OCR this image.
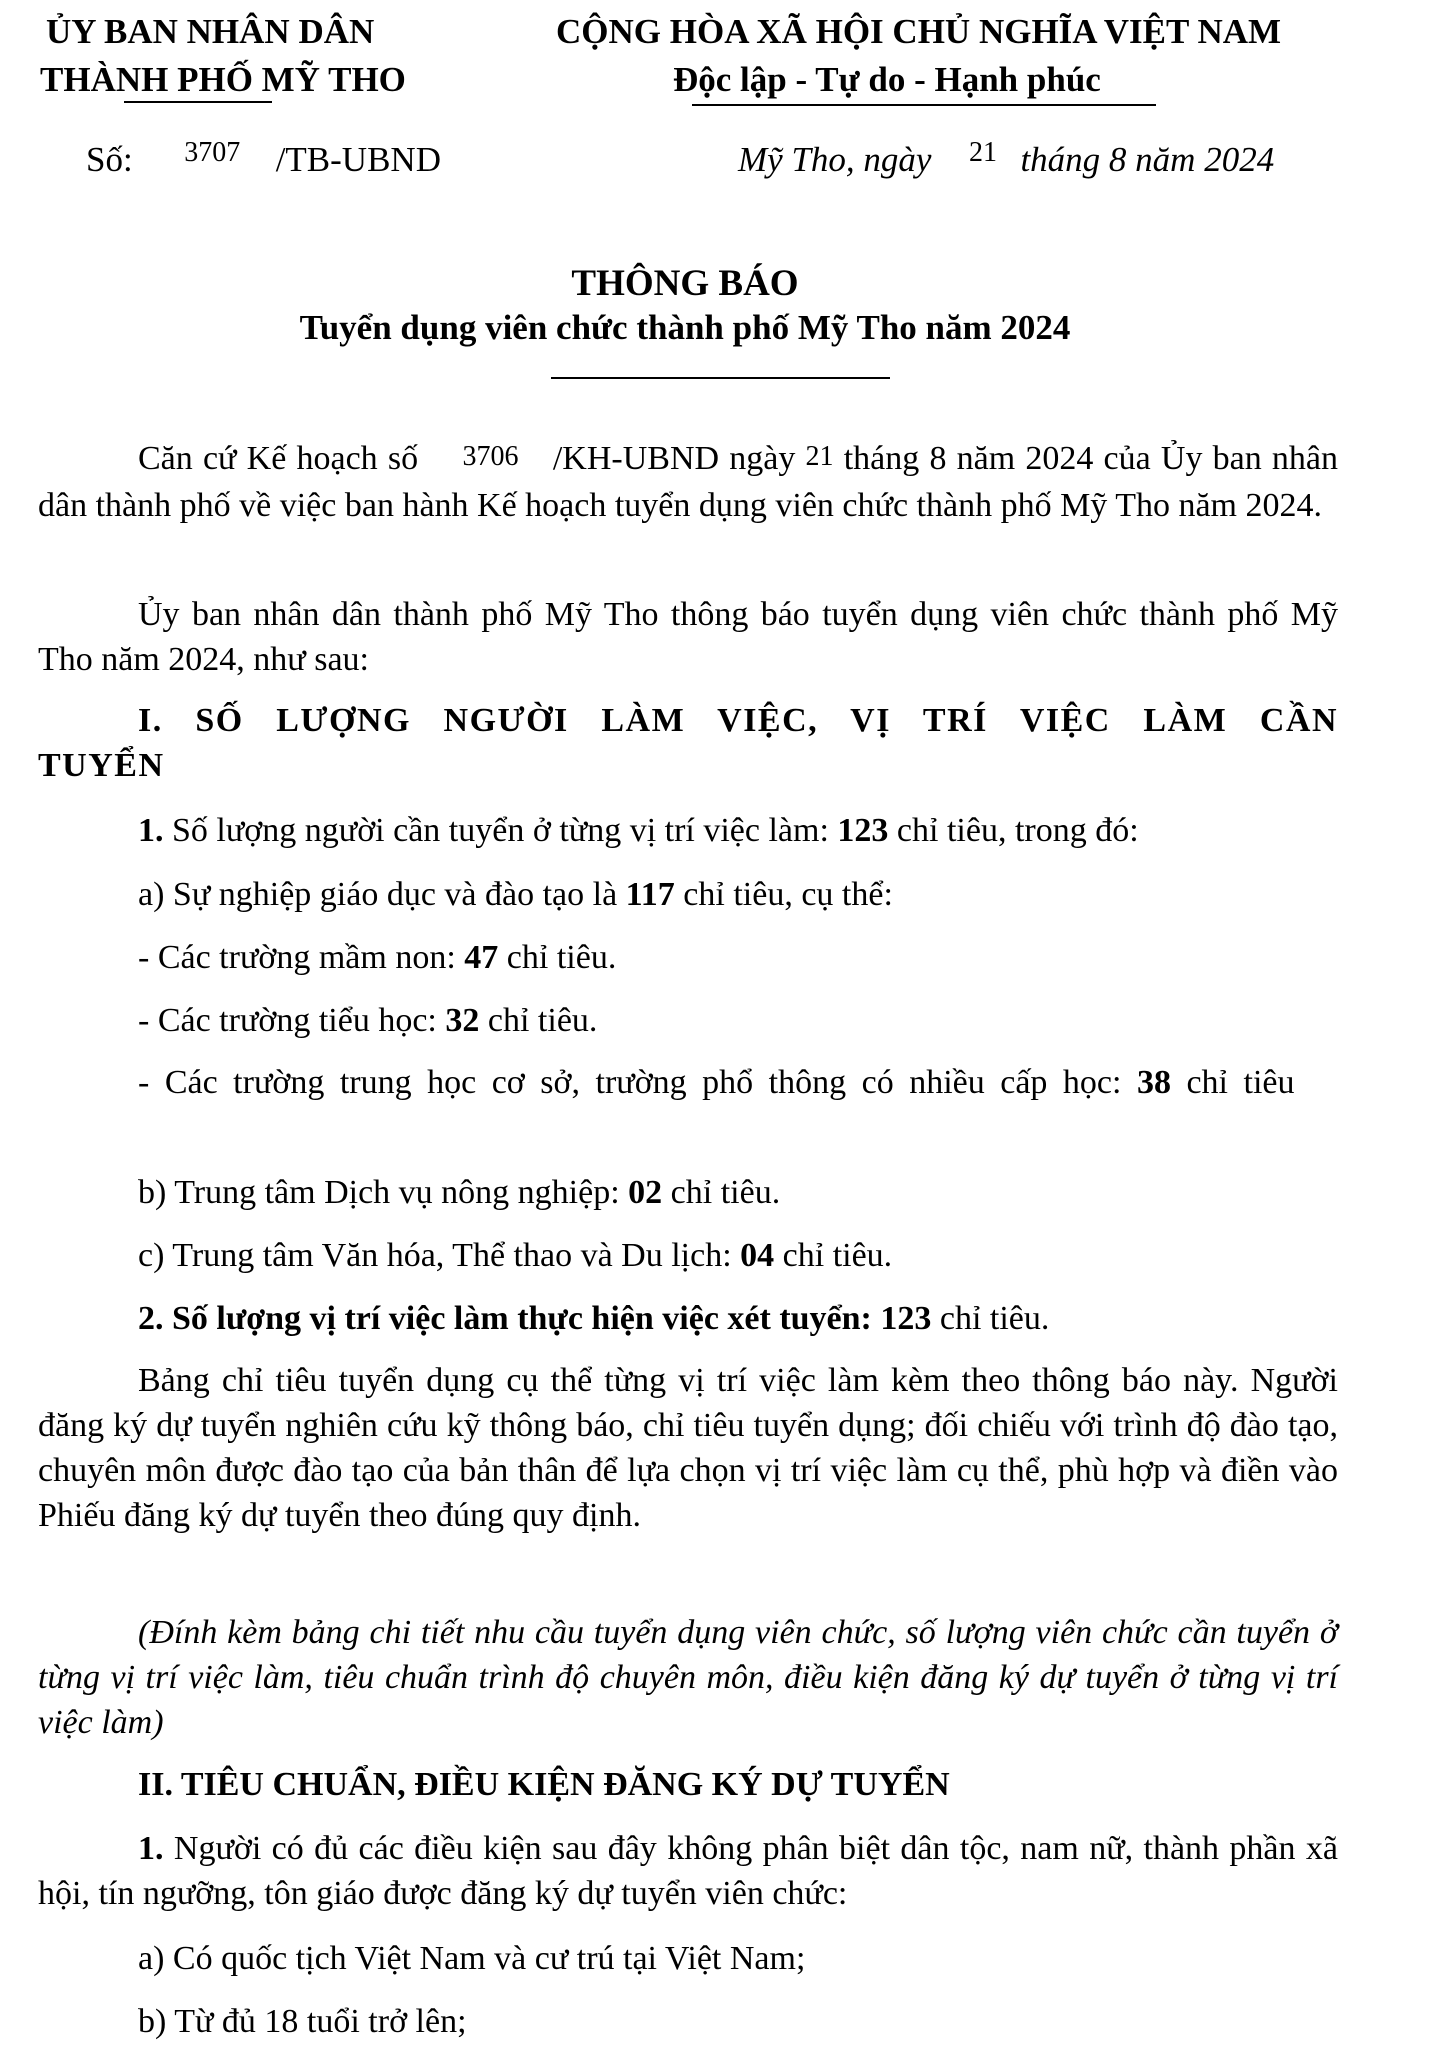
ỦY BAN NHÂN DÂN
THÀNH PHỐ MỸ THO
CỘNG HÒA XÃ HỘI CHỦ NGHĨA VIỆT NAM
Độc lập - Tự do - Hạnh phúc
Số: $^{3707}$ /TB-UBND	Mỹ Tho, ngày $^{21}$ tháng 8 năm 2024
THÔNG BÁO
Tuyển dụng viên chức thành phố Mỹ Tho năm 2024
Căn cứ Kế hoạch số 3706 /KH-UBND ngày 21 tháng 8 năm 2024 của Ủy ban nhân dân thành phố về việc ban hành Kế hoạch tuyển dụng viên chức thành phố Mỹ Tho năm 2024.
Ủy ban nhân dân thành phố Mỹ Tho thông báo tuyển dụng viên chức thành phố Mỹ Tho năm 2024, như sau:
I. SỐ LƯỢNG NGƯỜI LÀM VIỆC, VỊ TRÍ VIỆC LÀM CẦN TUYỂN
1. Số lượng người cần tuyển ở từng vị trí việc làm: 123 chỉ tiêu, trong đó:
a) Sự nghiệp giáo dục và đào tạo là 117 chỉ tiêu, cụ thể:
- Các trường mầm non: 47 chỉ tiêu.
- Các trường tiểu học: 32 chỉ tiêu.
- Các trường trung học cơ sở, trường phổ thông có nhiều cấp học: 38 chỉ tiêu
b) Trung tâm Dịch vụ nông nghiệp: 02 chỉ tiêu.
c) Trung tâm Văn hóa, Thể thao và Du lịch: 04 chỉ tiêu.
2. Số lượng vị trí việc làm thực hiện việc xét tuyển: 123 chỉ tiêu.
Bảng chỉ tiêu tuyển dụng cụ thể từng vị trí việc làm kèm theo thông báo này. Người đăng ký dự tuyển nghiên cứu kỹ thông báo, chỉ tiêu tuyển dụng; đối chiếu với trình độ đào tạo, chuyên môn được đào tạo của bản thân để lựa chọn vị trí việc làm cụ thể, phù hợp và điền vào Phiếu đăng ký dự tuyển theo đúng quy định.
(Đính kèm bảng chi tiết nhu cầu tuyển dụng viên chức, số lượng viên chức cần tuyển ở từng vị trí việc làm, tiêu chuẩn trình độ chuyên môn, điều kiện đăng ký dự tuyển ở từng vị trí việc làm)
II. TIÊU CHUẨN, ĐIỀU KIỆN ĐĂNG KÝ DỰ TUYỂN
1. Người có đủ các điều kiện sau đây không phân biệt dân tộc, nam nữ, thành phần xã hội, tín ngưỡng, tôn giáo được đăng ký dự tuyển viên chức:
a) Có quốc tịch Việt Nam và cư trú tại Việt Nam;
b) Từ đủ 18 tuổi trở lên;
